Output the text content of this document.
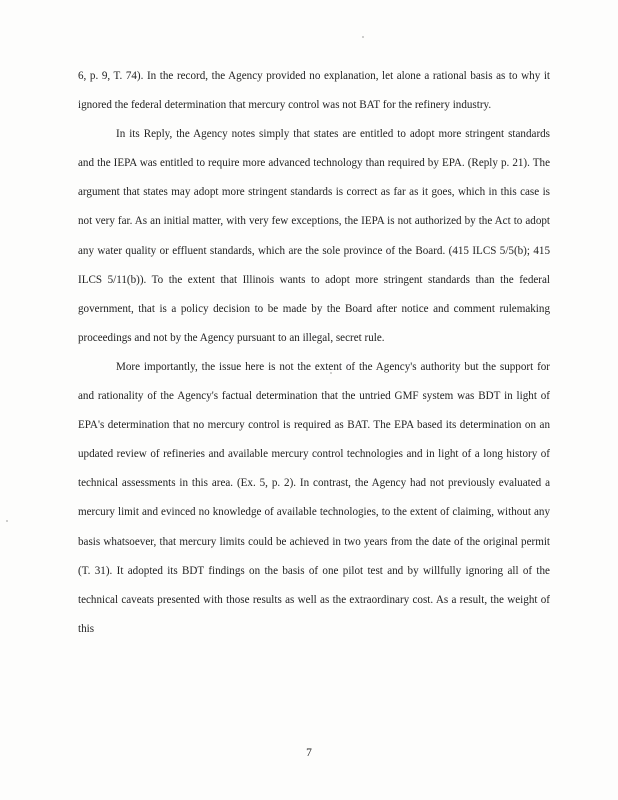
6, p. 9, T. 74). In the record, the Agency provided no explanation, let alone a rational basis as to why it ignored the federal determination that mercury control was not BAT for the refinery industry.

In its Reply, the Agency notes simply that states are entitled to adopt more stringent standards and the IEPA was entitled to require more advanced technology than required by EPA. (Reply p. 21). The argument that states may adopt more stringent standards is correct as far as it goes, which in this case is not very far. As an initial matter, with very few exceptions, the IEPA is not authorized by the Act to adopt any water quality or effluent standards, which are the sole province of the Board. (415 ILCS 5/5(b); 415 ILCS 5/11(b)). To the extent that Illinois wants to adopt more stringent standards than the federal government, that is a policy decision to be made by the Board after notice and comment rulemaking proceedings and not by the Agency pursuant to an illegal, secret rule.

More importantly, the issue here is not the extent of the Agency's authority but the support for and rationality of the Agency's factual determination that the untried GMF system was BDT in light of EPA's determination that no mercury control is required as BAT. The EPA based its determination on an updated review of refineries and available mercury control technologies and in light of a long history of technical assessments in this area. (Ex. 5, p. 2). In contrast, the Agency had not previously evaluated a mercury limit and evinced no knowledge of available technologies, to the extent of claiming, without any basis whatsoever, that mercury limits could be achieved in two years from the date of the original permit (T. 31). It adopted its BDT findings on the basis of one pilot test and by willfully ignoring all of the technical caveats presented with those results as well as the extraordinary cost. As a result, the weight of this

7
